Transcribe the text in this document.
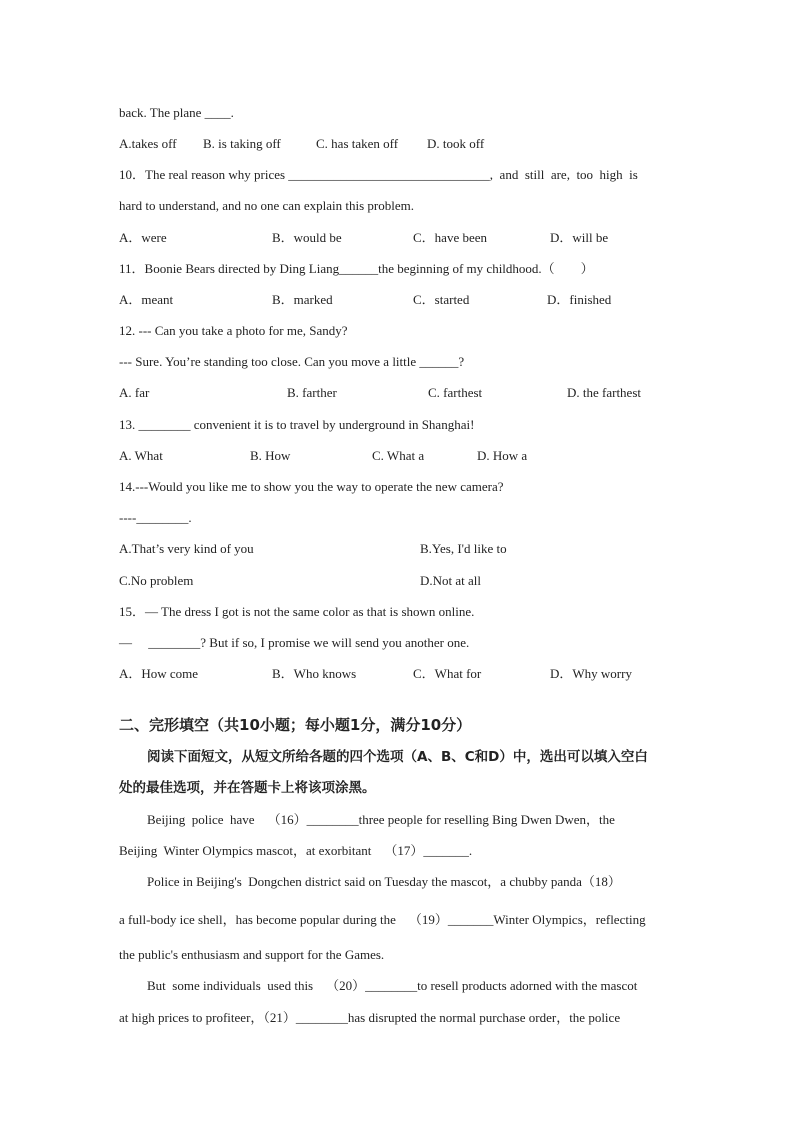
back. The plane ____.
A.takes off B. is taking off	C. has taken off D. took off
10．The real reason why prices _______________________________,  and  still  are,  too  high  is
hard to understand, and no one can explain this problem.
A．were	B．would be	C．have been	D．will be
11．Boonie Bears directed by Ding Liang______the beginning of my childhood.（        ）
A．meant	B．marked	C．started	D．finished
12. --- Can you take a photo for me, Sandy?
--- Sure. You’re standing too close. Can you move a little ______?
A. far	B. farther	C. farthest	D. the farthest
13. ________ convenient it is to travel by underground in Shanghai!
A. What	B. How	C. What a	D. How a
14.---Would you like me to show you the way to operate the new camera?
----________.
A.That’s very kind of you	B.Yes, I'd like to
C.No problem	D.Not at all
15．— The dress I got is not the same color as that is shown online.
—     ________? But if so, I promise we will send you another one.
A．How come	B．Who knows	C．What for	D．Why worry
二、完形填空（共10小题；每小题1分，满分10分）
阅读下面短文，从短文所给各题的四个选项（A、B、C和D）中，选出可以填入空白
处的最佳选项，并在答题卡上将该项涂黑。
Beijing  police  have    （16）________three people for reselling Bing Dwen Dwen，the
Beijing  Winter Olympics mascot，at exorbitant    （17）_______.
Police in Beijing's  Dongchen district said on Tuesday the mascot，a chubby panda（18）
a full-body ice shell，has become popular during the    （19）_______Winter Olympics，reflecting
the public's enthusiasm and support for the Games.
But  some individuals  used this    （20）________to resell products adorned with the mascot
at high prices to profiteer，（21）________has disrupted the normal purchase order，the police
